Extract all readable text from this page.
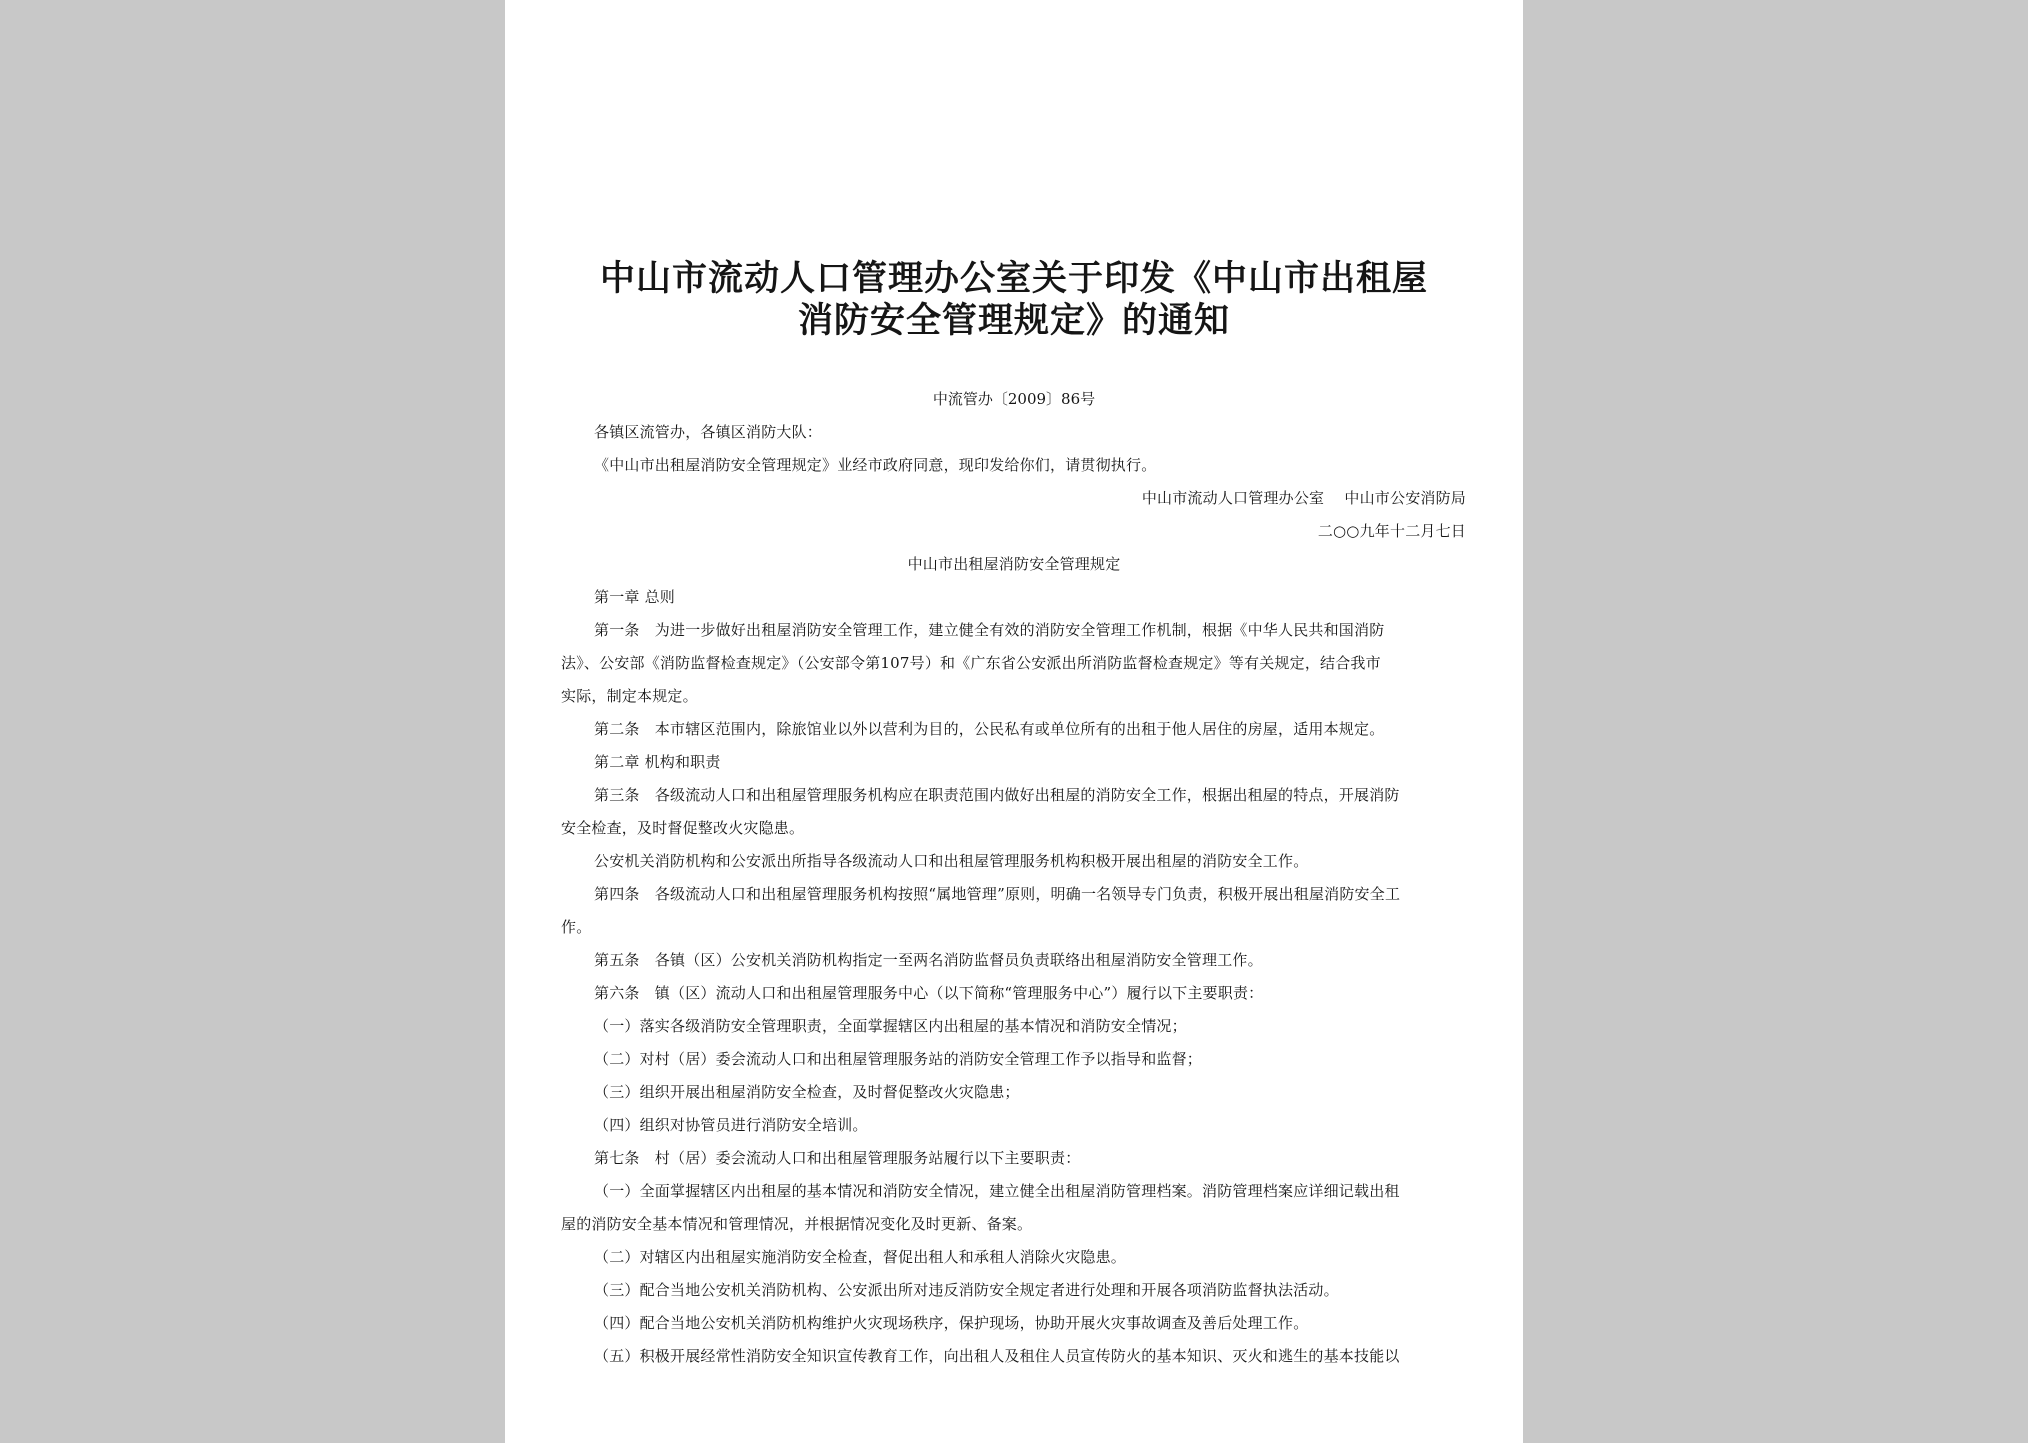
中山市流动人口管理办公室关于印发《中山市出租屋
消防安全管理规定》的通知
中流管办〔2009〕86号
各镇区流管办，各镇区消防大队：
《中山市出租屋消防安全管理规定》业经市政府同意，现印发给你们，请贯彻执行。
中山市流动人口管理办公室　 中山市公安消防局
二○○九年十二月七日
中山市出租屋消防安全管理规定
第一章 总则
第一条　为进一步做好出租屋消防安全管理工作，建立健全有效的消防安全管理工作机制，根据《中华人民共和国消防
法》、公安部《消防监督检查规定》（公安部令第107号）和《广东省公安派出所消防监督检查规定》等有关规定，结合我市
实际，制定本规定。
第二条　本市辖区范围内，除旅馆业以外以营利为目的，公民私有或单位所有的出租于他人居住的房屋，适用本规定。
第二章 机构和职责
第三条　各级流动人口和出租屋管理服务机构应在职责范围内做好出租屋的消防安全工作，根据出租屋的特点，开展消防
安全检查，及时督促整改火灾隐患。
公安机关消防机构和公安派出所指导各级流动人口和出租屋管理服务机构积极开展出租屋的消防安全工作。
第四条　各级流动人口和出租屋管理服务机构按照“属地管理”原则，明确一名领导专门负责，积极开展出租屋消防安全工
作。
第五条　各镇（区）公安机关消防机构指定一至两名消防监督员负责联络出租屋消防安全管理工作。
第六条　镇（区）流动人口和出租屋管理服务中心（以下简称“管理服务中心”）履行以下主要职责：
（一）落实各级消防安全管理职责，全面掌握辖区内出租屋的基本情况和消防安全情况；
（二）对村（居）委会流动人口和出租屋管理服务站的消防安全管理工作予以指导和监督；
（三）组织开展出租屋消防安全检查，及时督促整改火灾隐患；
（四）组织对协管员进行消防安全培训。
第七条　村（居）委会流动人口和出租屋管理服务站履行以下主要职责：
（一）全面掌握辖区内出租屋的基本情况和消防安全情况，建立健全出租屋消防管理档案。消防管理档案应详细记载出租
屋的消防安全基本情况和管理情况，并根据情况变化及时更新、备案。
（二）对辖区内出租屋实施消防安全检查，督促出租人和承租人消除火灾隐患。
（三）配合当地公安机关消防机构、公安派出所对违反消防安全规定者进行处理和开展各项消防监督执法活动。
（四）配合当地公安机关消防机构维护火灾现场秩序，保护现场，协助开展火灾事故调查及善后处理工作。
（五）积极开展经常性消防安全知识宣传教育工作，向出租人及租住人员宣传防火的基本知识、灭火和逃生的基本技能以
